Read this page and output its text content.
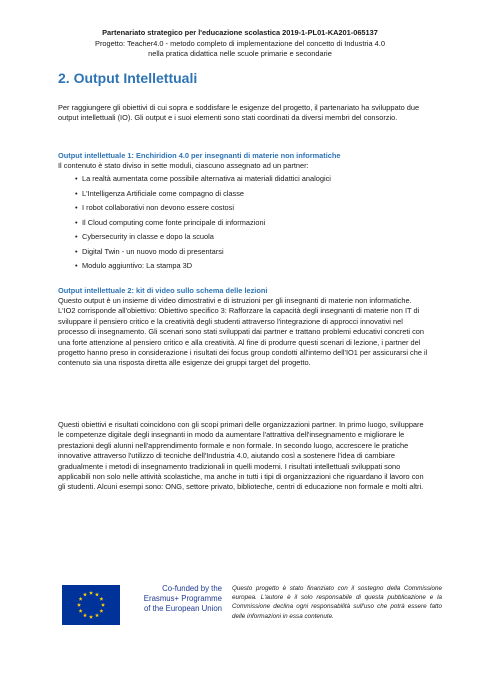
Partenariato strategico per l'educazione scolastica 2019-1-PL01-KA201-065137
Progetto: Teacher4.0 - metodo completo di implementazione del concetto di Industria 4.0
nella pratica didattica nelle scuole primarie e secondarie
2. Output Intellettuali
Per raggiungere gli obiettivi di cui sopra e soddisfare le esigenze del progetto, il partenariato ha sviluppato due output intellettuali (IO). Gli output e i suoi elementi sono stati coordinati da diversi membri del consorzio.
Output intellettuale 1: Enchiridion 4.0 per insegnanti di materie non informatiche
Il contenuto è stato diviso in sette moduli, ciascuno assegnato ad un partner:
• La realtà aumentata come possibile alternativa ai materiali didattici analogici
• L'Intelligenza Artificiale come compagno di classe
• I robot collaborativi non devono essere costosi
• Il Cloud computing come fonte principale di informazioni
• Cybersecurity in classe e dopo la scuola
• Digital Twin - un nuovo modo di presentarsi
• Modulo aggiuntivo: La stampa 3D
Output intellettuale 2: kit di video sullo schema delle lezioni
Questo output è un insieme di video dimostrativi e di istruzioni per gli insegnanti di materie non informatiche. L'IO2 corrisponde all'obiettivo: Obiettivo specifico 3: Rafforzare la capacità degli insegnanti di materie non IT di sviluppare il pensiero critico e la creatività degli studenti attraverso l'integrazione di approcci innovativi nel processo di insegnamento. Gli scenari sono stati sviluppati dai partner e trattano problemi educativi concreti con una forte attenzione al pensiero critico e alla creatività. Al fine di produrre questi scenari di lezione, i partner del progetto hanno preso in considerazione i risultati dei focus group condotti all'interno dell'IO1 per assicurarsi che il contenuto sia una risposta diretta alle esigenze dei gruppi target del progetto.
Questi obiettivi e risultati coincidono con gli scopi primari delle organizzazioni partner. In primo luogo, sviluppare le competenze digitale degli insegnanti in modo da aumentare l'attrattiva dell'insegnamento e migliorare le prestazioni degli alunni nell'apprendimento formale e non formale. In secondo luogo, accrescere le pratiche innovative attraverso l'utilizzo di tecniche dell'Industria 4.0, aiutando così a sostenere l'idea di cambiare gradualmente i metodi di insegnamento tradizionali in quelli moderni. I risultati intellettuali sviluppati sono applicabili non solo nelle attività scolastiche, ma anche in tutti i tipi di organizzazioni che riguardano il lavoro con gli studenti. Alcuni esempi sono: ONG, settore privato, biblioteche, centri di educazione non formale e molti altri.
Co-funded by the
Erasmus+ Programme
of the European Union
Questo progetto è stato finanziato con il sostegno della Commissione europea. L'autore è il solo responsabile di questa pubblicazione e la Commissione declina ogni responsabilità sull'uso che potrà essere fatto delle informazioni in essa contenute.
